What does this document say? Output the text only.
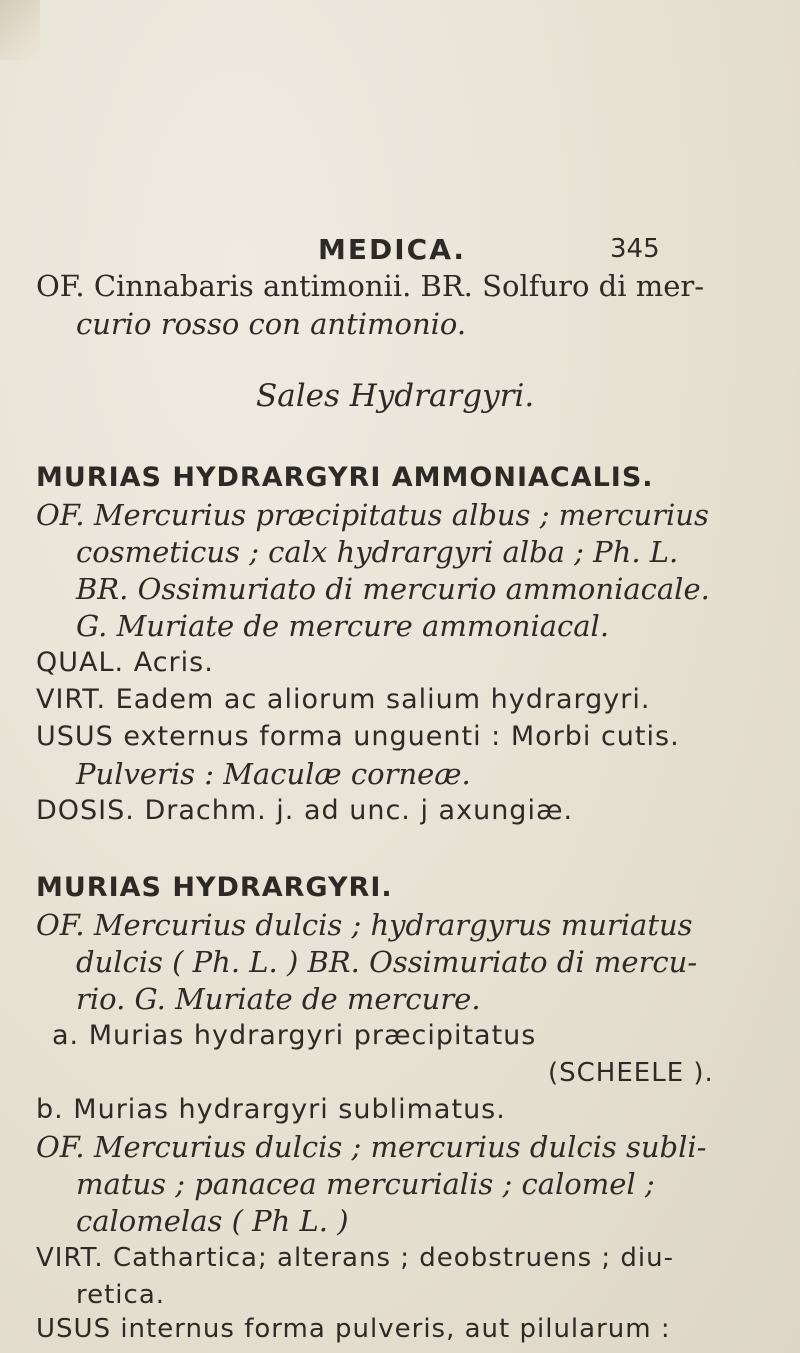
MEDICA.	345
OF. Cinnabaris antimonii. BR. Solfuro di mer-
curio rosso con antimonio.
Sales Hydrargyri.
MURIAS HYDRARGYRI AMMONIACALIS.
OF. Mercurius præcipitatus albus ; mercurius
cosmeticus ; calx hydrargyri alba ; Ph. L.
BR. Ossimuriato di mercurio ammoniacale.
G. Muriate de mercure ammoniacal.
QUAL. Acris.
VIRT. Eadem ac aliorum salium hydrargyri.
USUS externus forma unguenti : Morbi cutis.
Pulveris : Maculæ corneæ.
DOSIS. Drachm. j. ad unc. j axungiæ.
MURIAS HYDRARGYRI.
OF. Mercurius dulcis ; hydrargyrus muriatus
dulcis ( Ph. L. ) BR. Ossimuriato di mercu-
rio. G. Muriate de mercure.
a. Murias hydrargyri præcipitatus
(SCHEELE ).
b. Murias hydrargyri sublimatus.
OF. Mercurius dulcis ; mercurius dulcis subli-
matus ; panacea mercurialis ; calomel ;
calomelas ( Ph L. )
VIRT. Cathartica; alterans ; deobstruens ; diu-
retica.
USUS internus forma pulveris, aut pilularum :
